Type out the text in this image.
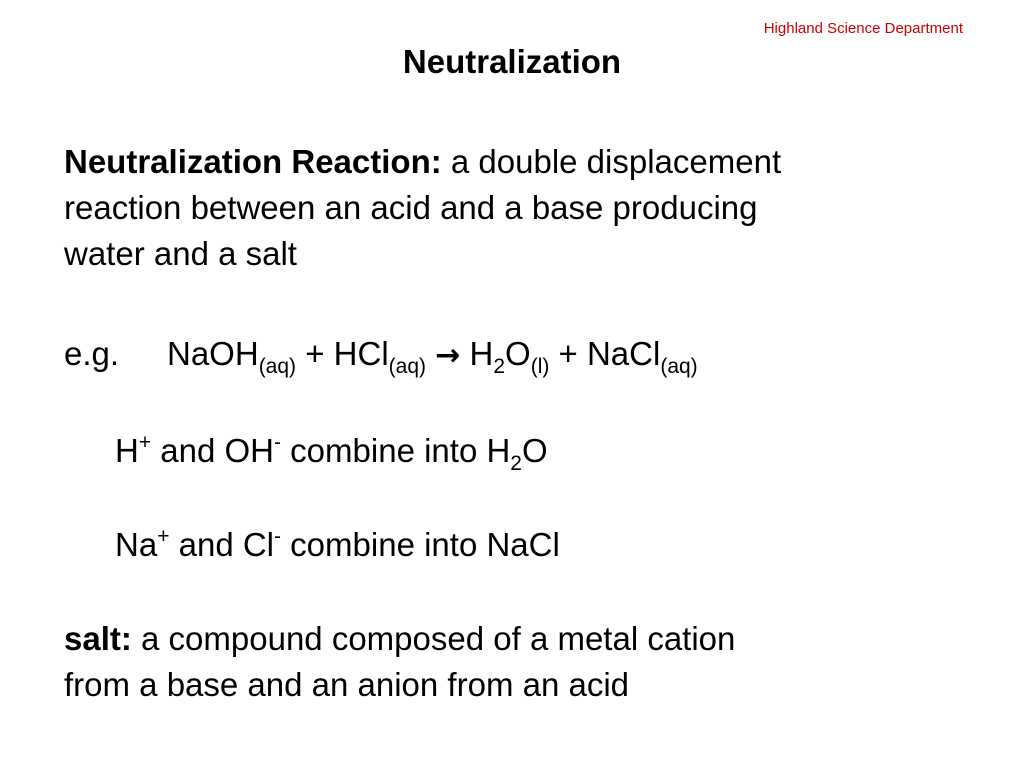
Highland Science Department
Neutralization
Neutralization Reaction: a double displacement
reaction between an acid and a base producing
water and a salt
e.g. NaOH$_{(aq)}$ + $HCl_{(aq)} \to H_2O_{(l)}$ + NaCl$_{(aq)}$
H+ and OH- combine into $H_2O$
Na+ and Cl- combine into NaCl
salt: a compound composed of a metal cation
from a base and an anion from an acid
